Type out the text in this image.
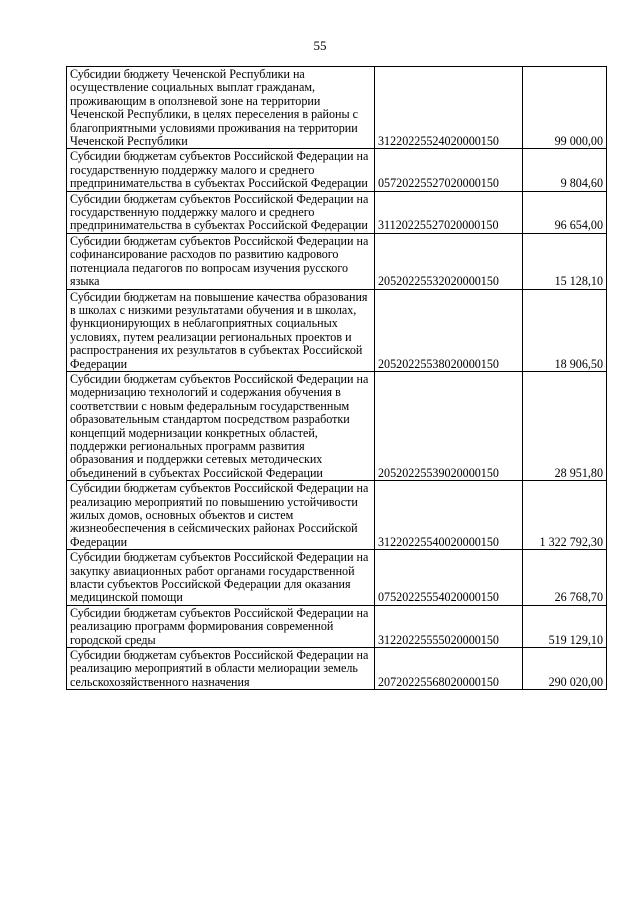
55
Субсидии бюджету Чеченской Республики на осуществление социальных выплат гражданам, проживающим в оползневой зоне на территории Чеченской Республики, в целях переселения в районы с благоприятными условиями проживания на территории Чеченской Республики	31220225524020000150	99 000,00
Субсидии бюджетам субъектов Российской Федерации на государственную поддержку малого и среднего предпринимательства в субъектах Российской Федерации	05720225527020000150	9 804,60
Субсидии бюджетам субъектов Российской Федерации на государственную поддержку малого и среднего предпринимательства в субъектах Российской Федерации	31120225527020000150	96 654,00
Субсидии бюджетам субъектов Российской Федерации на софинансирование расходов по развитию кадрового потенциала педагогов по вопросам изучения русского языка	20520225532020000150	15 128,10
Субсидии бюджетам на повышение качества образования в школах с низкими результатами обучения и в школах, функционирующих в неблагоприятных социальных условиях, путем реализации региональных проектов и распространения их результатов в субъектах Российской Федерации	20520225538020000150	18 906,50
Субсидии бюджетам субъектов Российской Федерации на модернизацию технологий и содержания обучения в соответствии с новым федеральным государственным образовательным стандартом посредством разработки концепций модернизации конкретных областей, поддержки региональных программ развития образования и поддержки сетевых методических объединений в субъектах Российской Федерации	20520225539020000150	28 951,80
Субсидии бюджетам субъектов Российской Федерации на реализацию мероприятий по повышению устойчивости жилых домов, основных объектов и систем жизнеобеспечения в сейсмических районах Российской Федерации	31220225540020000150	1 322 792,30
Субсидии бюджетам субъектов Российской Федерации на закупку авиационных работ органами государственной власти субъектов Российской Федерации для оказания медицинской помощи	07520225554020000150	26 768,70
Субсидии бюджетам субъектов Российской Федерации на реализацию программ формирования современной городской среды	31220225555020000150	519 129,10
Субсидии бюджетам субъектов Российской Федерации на реализацию мероприятий в области мелиорации земель сельскохозяйственного назначения	20720225568020000150	290 020,00
